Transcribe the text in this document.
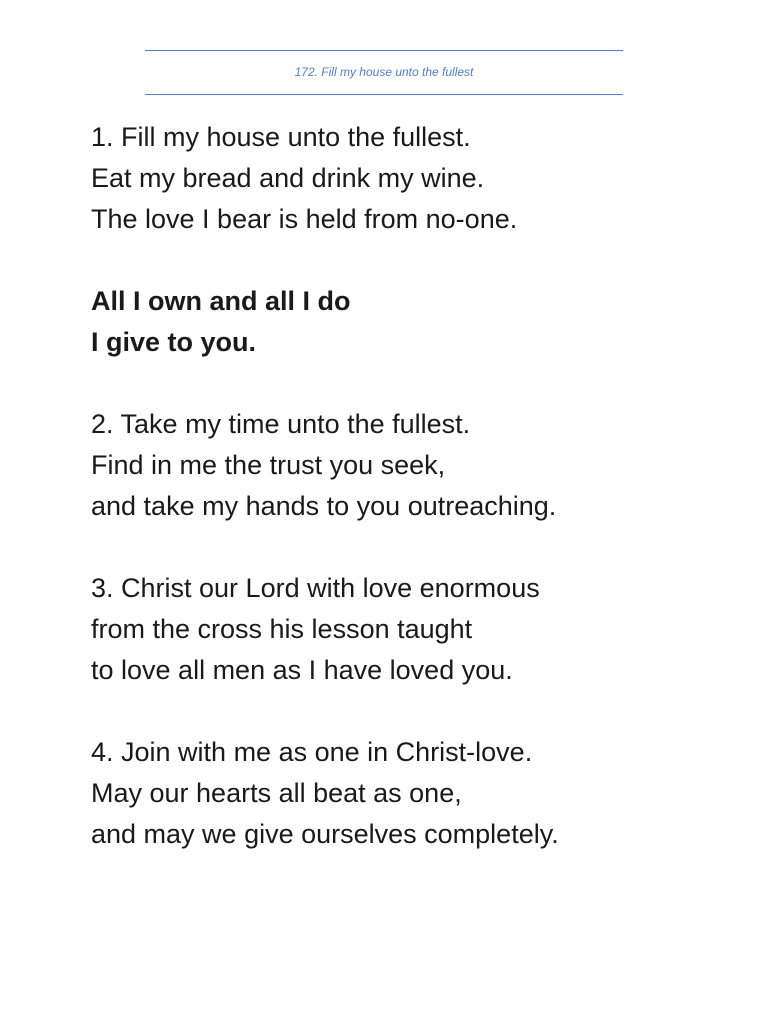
172. Fill my house unto the fullest

1. Fill my house unto the fullest.

Eat my bread and drink my wine.

The love I bear is held from no-one.

All I own and all I do

I give to you.

2. Take my time unto the fullest.

Find in me the trust you seek,

and take my hands to you outreaching.

3. Christ our Lord with love enormous

from the cross his lesson taught

to love all men as I have loved you.

4. Join with me as one in Christ-love.

May our hearts all beat as one,

and may we give ourselves completely.
